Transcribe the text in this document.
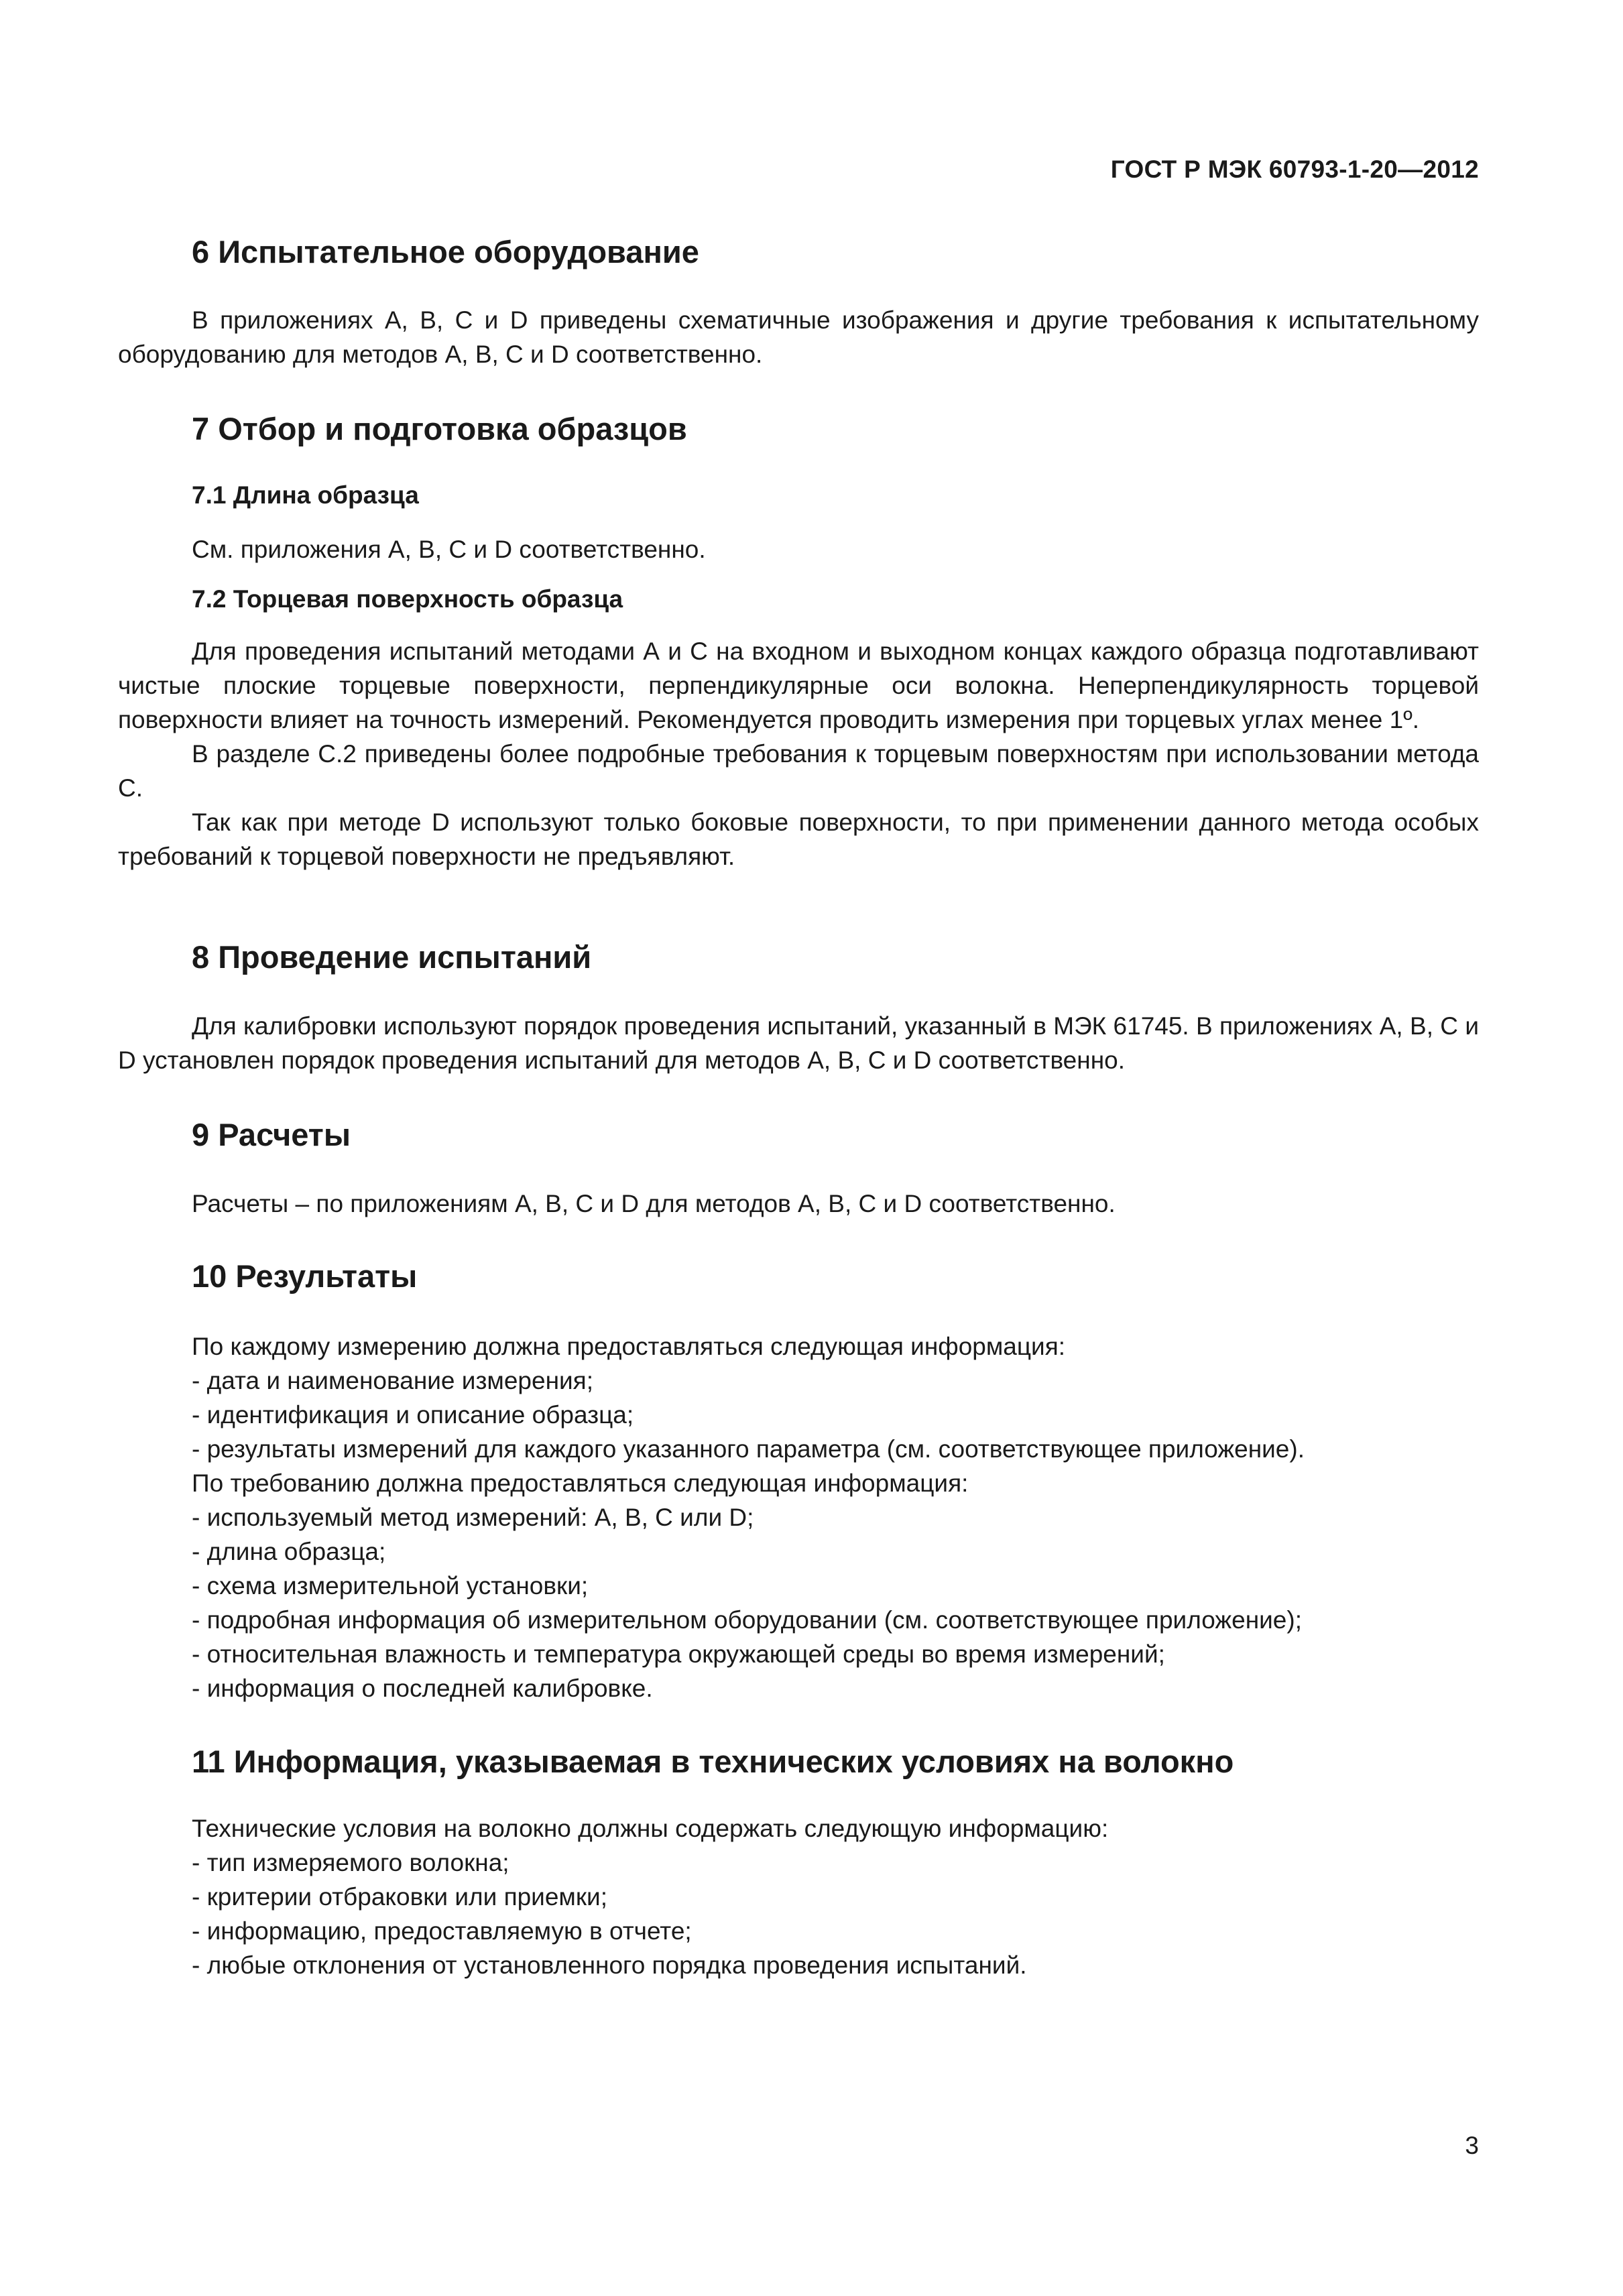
ГОСТ Р МЭК 60793-1-20—2012
6 Испытательное оборудование

В приложениях А, В, С и D приведены схематичные изображения и другие требования к испытательному оборудованию для методов А, В, С и D соответственно.

7 Отбор и подготовка образцов
7.1 Длина образца

См. приложения А, В, С и D соответственно.

7.2 Торцевая поверхность образца

Для проведения испытаний методами А и С на входном и выходном концах каждого образца подготавливают чистые плоские торцевые поверхности, перпендикулярные оси волокна. Неперпендикулярность торцевой поверхности влияет на точность измерений. Рекомендуется проводить измерения при торцевых углах менее 1º.

В разделе С.2 приведены более подробные требования к торцевым поверхностям при использовании метода С.

Так как при методе D используют только боковые поверхности, то при применении данного метода особых требований к торцевой поверхности не предъявляют.

8 Проведение испытаний

Для калибровки используют порядок проведения испытаний, указанный в МЭК 61745. В приложениях А, В, С и D установлен порядок проведения испытаний для методов А, В, С и D соответственно.

9 Расчеты

Расчеты – по приложениям А, В, С и D для методов А, В, С и D соответственно.

10 Результаты
По каждому измерению должна предоставляться следующая информация:
- дата и наименование измерения;
- идентификация и описание образца;
- результаты измерений для каждого указанного параметра (см. соответствующее приложение).
По требованию должна предоставляться следующая информация:
- используемый метод измерений: А, В, С или D;
- длина образца;
- схема измерительной установки;
- подробная информация об измерительном оборудовании (см. соответствующее приложение);
- относительная влажность и температура окружающей среды во время измерений;
- информация о последней калибровке.
11 Информация, указываемая в технических условиях на волокно
Технические условия на волокно должны содержать следующую информацию:
- тип измеряемого волокна;
- критерии отбраковки или приемки;
- информацию, предоставляемую в отчете;
- любые отклонения от установленного порядка проведения испытаний.
3
